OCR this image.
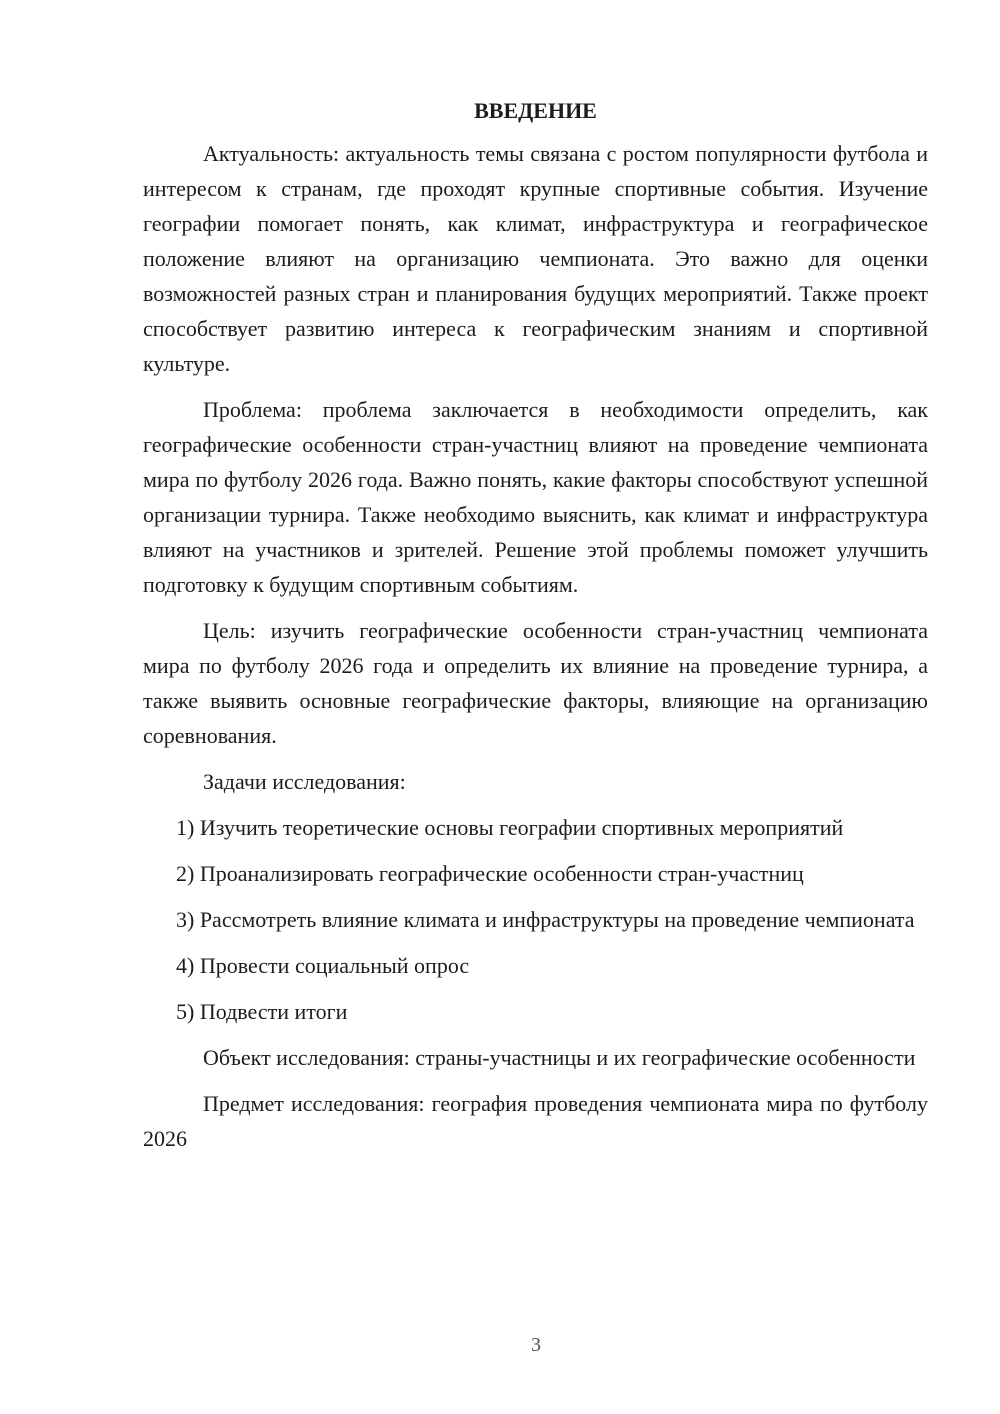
ВВЕДЕНИЕ

Актуальность: актуальность темы связана с ростом популярности футбола и интересом к странам, где проходят крупные спортивные события. Изучение географии помогает понять, как климат, инфраструктура и географическое положение влияют на организацию чемпионата. Это важно для оценки возможностей разных стран и планирования будущих мероприятий. Также проект способствует развитию интереса к географическим знаниям и спортивной культуре.

Проблема: проблема заключается в необходимости определить, как географические особенности стран-участниц влияют на проведение чемпионата мира по футболу 2026 года. Важно понять, какие факторы способствуют успешной организации турнира. Также необходимо выяснить, как климат и инфраструктура влияют на участников и зрителей. Решение этой проблемы поможет улучшить подготовку к будущим спортивным событиям.

Цель: изучить географические особенности стран-участниц чемпионата мира по футболу 2026 года и определить их влияние на проведение турнира, а также выявить основные географические факторы, влияющие на организацию соревнования.

Задачи исследования:

1) Изучить теоретические основы географии спортивных мероприятий

2) Проанализировать географические особенности стран-участниц

3) Рассмотреть влияние климата и инфраструктуры на проведение чемпионата

4) Провести социальный опрос

5) Подвести итоги

Объект исследования: страны-участницы и их географические особенности

Предмет исследования: география проведения чемпионата мира по футболу 2026

3
